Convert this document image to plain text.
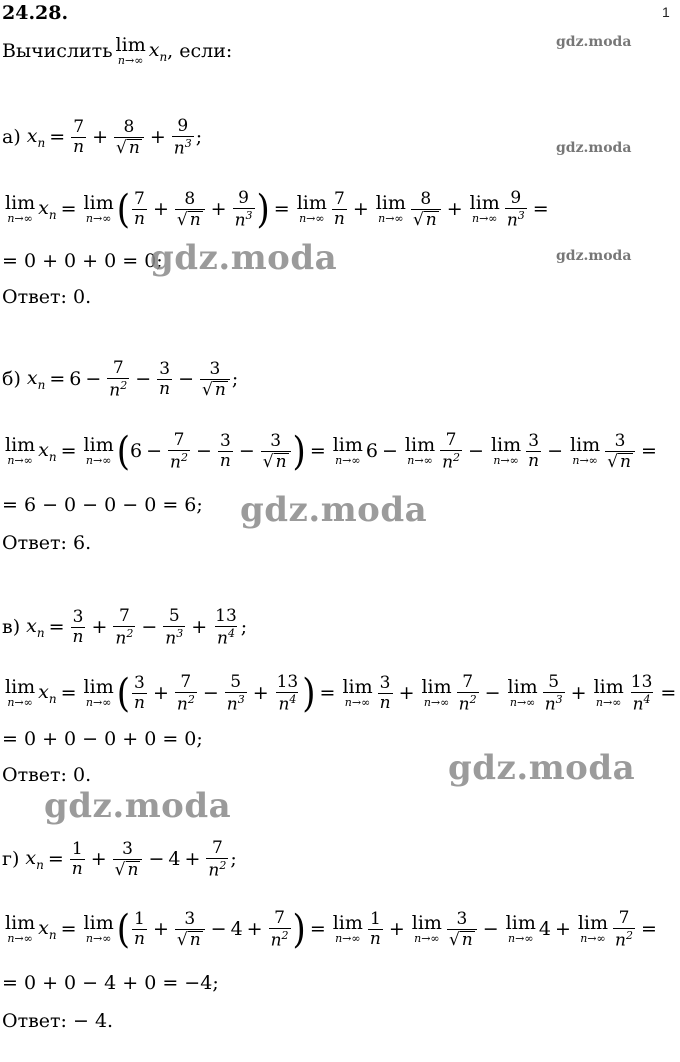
24.28.	1
Вычислить lim
n→∞ $x_n$ , если:	gdz.moda
а)
$x_n = \frac{7}{n} + \frac{8}{√ n} + \frac{9}{n^3}$ ;	gdz.moda
lim
n→∞ $x_n = \lim$
n→∞ ( $\frac{7}{n} + \frac{8}{√ n} + \frac{9}{n^3}$ ) = lim
$n\to\infty \frac{7}{n} + \lim$
$n\to\infty \frac{8}{√ n} + \lim$
$n\to\infty \frac{9}{n^3}$ =
= 0 + 0 + 0 = 0;
gdz.moda	gdz.moda
Ответ:
0.
б)
$x_n = 6 - \frac{7}{n^2} - \frac{3}{n} - \frac{3}{√ n}$ ;
lim
n→∞ $x_n = \lim$
n→∞ ( $6 - \frac{7}{n^2} - \frac{3}{n} - \frac{3}{√ n}$ ) = lim
n→∞ 6 − lim
$n\to\infty \frac{7}{n^2} - \lim$
$n\to\infty \frac{3}{n} - \lim$
$n\to\infty \frac{3}{√ n}$ =
= 6 − 0 − 0 − 0 = 6; gdz.moda
Ответ:
6.
в)
$x_n = \frac{3}{n} + \frac{7}{n^2} - \frac{5}{n^3} + \frac{13}{n^4}$ ;
lim
n→∞ $x_n = \lim$
n→∞ ( $\frac{3}{n} + \frac{7}{n^2} - \frac{5}{n^3} + \frac{13}{n^4}$ ) = lim
$n\to\infty \frac{3}{n} + \lim$
$n\to\infty \frac{7}{n^2} - \lim$
$n\to\infty \frac{5}{n^3} + \lim$
$n\to\infty \frac{13}{n^4}$ =
= 0 + 0 − 0 + 0 = 0;
Ответ:
0.	gdz.moda
gdz.moda
г)
$x_n = \frac{1}{n} + \frac{3}{√ n} - 4 + \frac{7}{n^2}$ ;
lim
n→∞ $x_n = \lim$
n→∞ ( $\frac{1}{n} + \frac{3}{√ n} - 4 + \frac{7}{n^2}$ ) = lim
$n\to\infty \frac{1}{n} + \lim$
$n\to\infty \frac{3}{√ n} - \lim$
n→∞ 4 + lim
$n\to\infty \frac{7}{n^2}$ =
= 0 + 0 − 4 + 0 = −4;
Ответ:
− 4.
